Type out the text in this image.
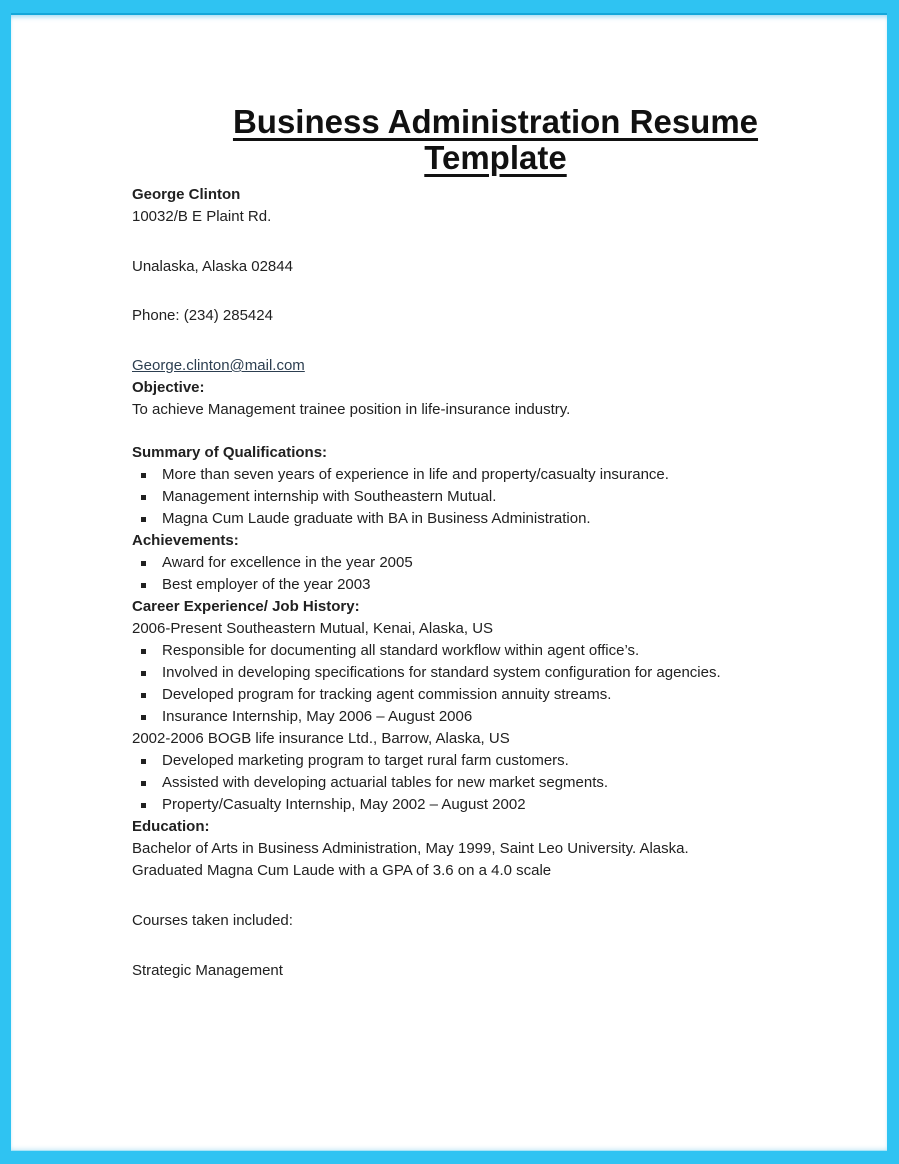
Business Administration Resume
Template

George Clinton

10032/B E Plaint Rd.

Unalaska, Alaska 02844

Phone: (234) 285424

George.clinton@mail.com

Objective:

To achieve Management trainee position in life-insurance industry.

Summary of Qualifications:

More than seven years of experience in life and property/casualty insurance.
Management internship with Southeastern Mutual.
Magna Cum Laude graduate with BA in Business Administration.

Achievements:

Award for excellence in the year 2005
Best employer of the year 2003

Career Experience/ Job History:

2006-Present Southeastern Mutual, Kenai, Alaska, US

Responsible for documenting all standard workflow within agent office’s.
Involved in developing specifications for standard system configuration for agencies.
Developed program for tracking agent commission annuity streams.
Insurance Internship, May 2006 – August 2006

2002-2006 BOGB life insurance Ltd., Barrow, Alaska, US

Developed marketing program to target rural farm customers.
Assisted with developing actuarial tables for new market segments.
Property/Casualty Internship, May 2002 – August 2002

Education:

Bachelor of Arts in Business Administration, May 1999, Saint Leo University. Alaska.

Graduated Magna Cum Laude with a GPA of 3.6 on a 4.0 scale

Courses taken included:

Strategic Management
